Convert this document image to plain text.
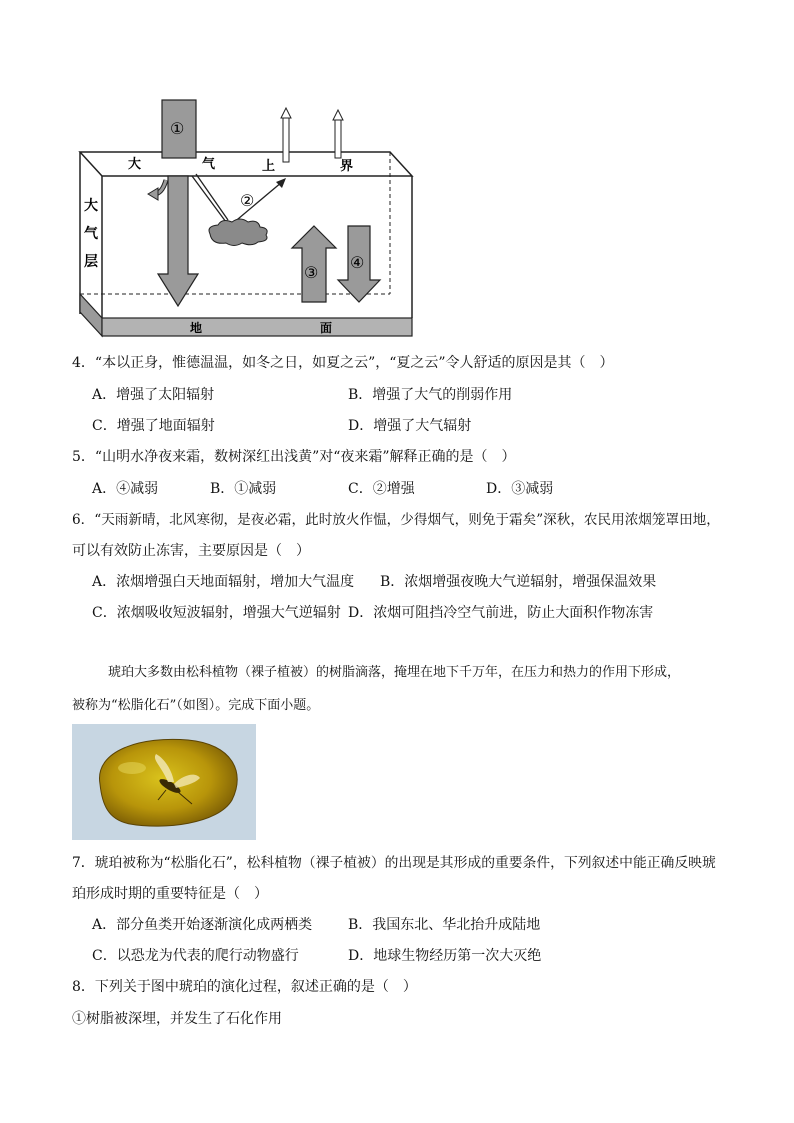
地	面
大	气	上	界
大
气
层
①
②
③
④
4．“本以正身，惟德温温，如冬之日，如夏之云”，“夏之云”令人舒适的原因是其（　）
A．增强了太阳辐射	B．增强了大气的削弱作用
C．增强了地面辐射	D．增强了大气辐射
5．“山明水净夜来霜，数树深红出浅黄”对“夜来霜”解释正确的是（　）
A．④减弱	B．①减弱	C．②增强	D．③减弱
6．“天雨新晴，北风寒彻，是夜必霜，此时放火作愠，少得烟气，则免于霜矣”深秋，农民用浓烟笼罩田地，
可以有效防止冻害，主要原因是（　）
A．浓烟增强白天地面辐射，增加大气温度 B．浓烟增强夜晚大气逆辐射，增强保温效果
C．浓烟吸收短波辐射，增强大气逆辐射 D．浓烟可阻挡冷空气前进，防止大面积作物冻害
琥珀大多数由松科植物（裸子植被）的树脂滴落，掩埋在地下千万年，在压力和热力的作用下形成，
被称为“松脂化石”（如图）。完成下面小题。
7．琥珀被称为“松脂化石”，松科植物（裸子植被）的出现是其形成的重要条件，下列叙述中能正确反映琥
珀形成时期的重要特征是（　）
A．部分鱼类开始逐渐演化成两栖类	B．我国东北、华北抬升成陆地
C．以恐龙为代表的爬行动物盛行	D．地球生物经历第一次大灭绝
8．下列关于图中琥珀的演化过程，叙述正确的是（　）
①树脂被深埋，并发生了石化作用
